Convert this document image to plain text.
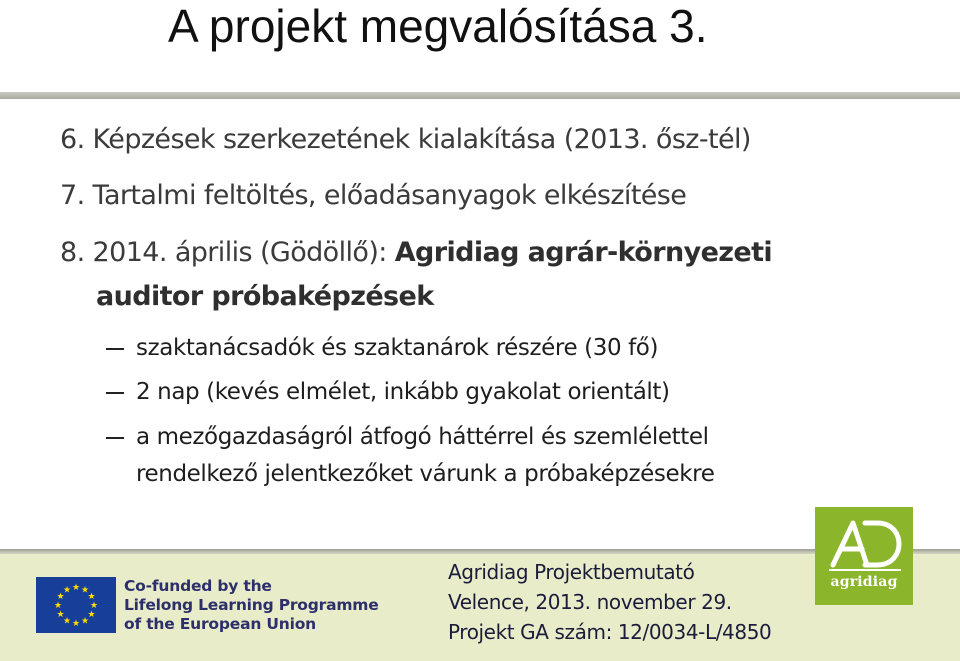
A projekt megvalósítása 3.
6. Képzések szerkezetének kialakítása (2013. ősz-tél)
7. Tartalmi feltöltés, előadásanyagok elkészítése
8. 2014. április (Gödöllő): Agridiag agrár-környezeti
auditor próbaképzések
szaktanácsadók és szaktanárok részére (30 fő)
2 nap (kevés elmélet, inkább gyakolat orientált)
a mezőgazdaságról átfogó háttérrel és szemlélettel
rendelkező jelentkezőket várunk a próbaképzésekre
★ ★
★
★
★
★
★
★
★
★
★
★	Co-funded by the
Lifelong Learning Programme
of the European Union
Agridiag Projektbemutató
Velence, 2013. november 29.
Projekt GA szám: 12/0034-L/4850
agridiag
